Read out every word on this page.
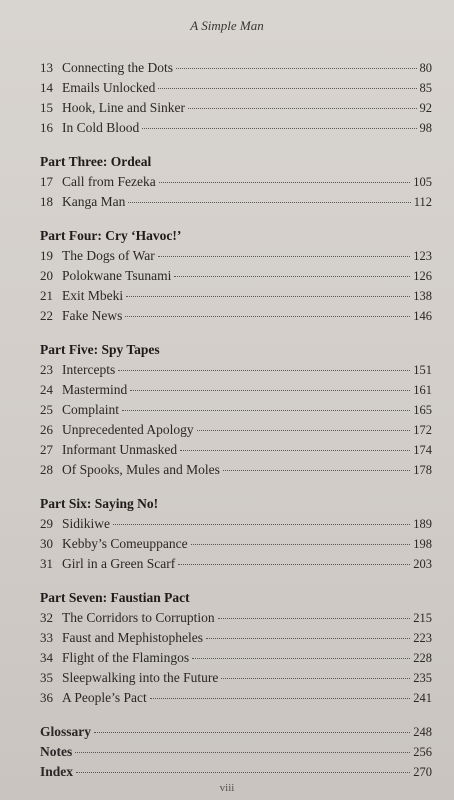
A Simple Man
13 Connecting the Dots	80
14 Emails Unlocked	85
15 Hook, Line and Sinker	92
16 In Cold Blood	98
Part Three: Ordeal
17 Call from Fezeka	105
18 Kanga Man	112
Part Four: Cry ‘Havoc!’
19 The Dogs of War	123
20 Polokwane Tsunami	126
21 Exit Mbeki	138
22 Fake News	146
Part Five: Spy Tapes
23 Intercepts	151
24 Mastermind	161
25 Complaint	165
26 Unprecedented Apology	172
27 Informant Unmasked	174
28 Of Spooks, Mules and Moles	178
Part Six: Saying No!
29 Sidikiwe	189
30 Kebby’s Comeuppance	198
31 Girl in a Green Scarf	203
Part Seven: Faustian Pact
32 The Corridors to Corruption	215
33 Faust and Mephistopheles	223
34 Flight of the Flamingos	228
35 Sleepwalking into the Future	235
36 A People’s Pact	241
Glossary	248
Notes	256
Index	270
viii
